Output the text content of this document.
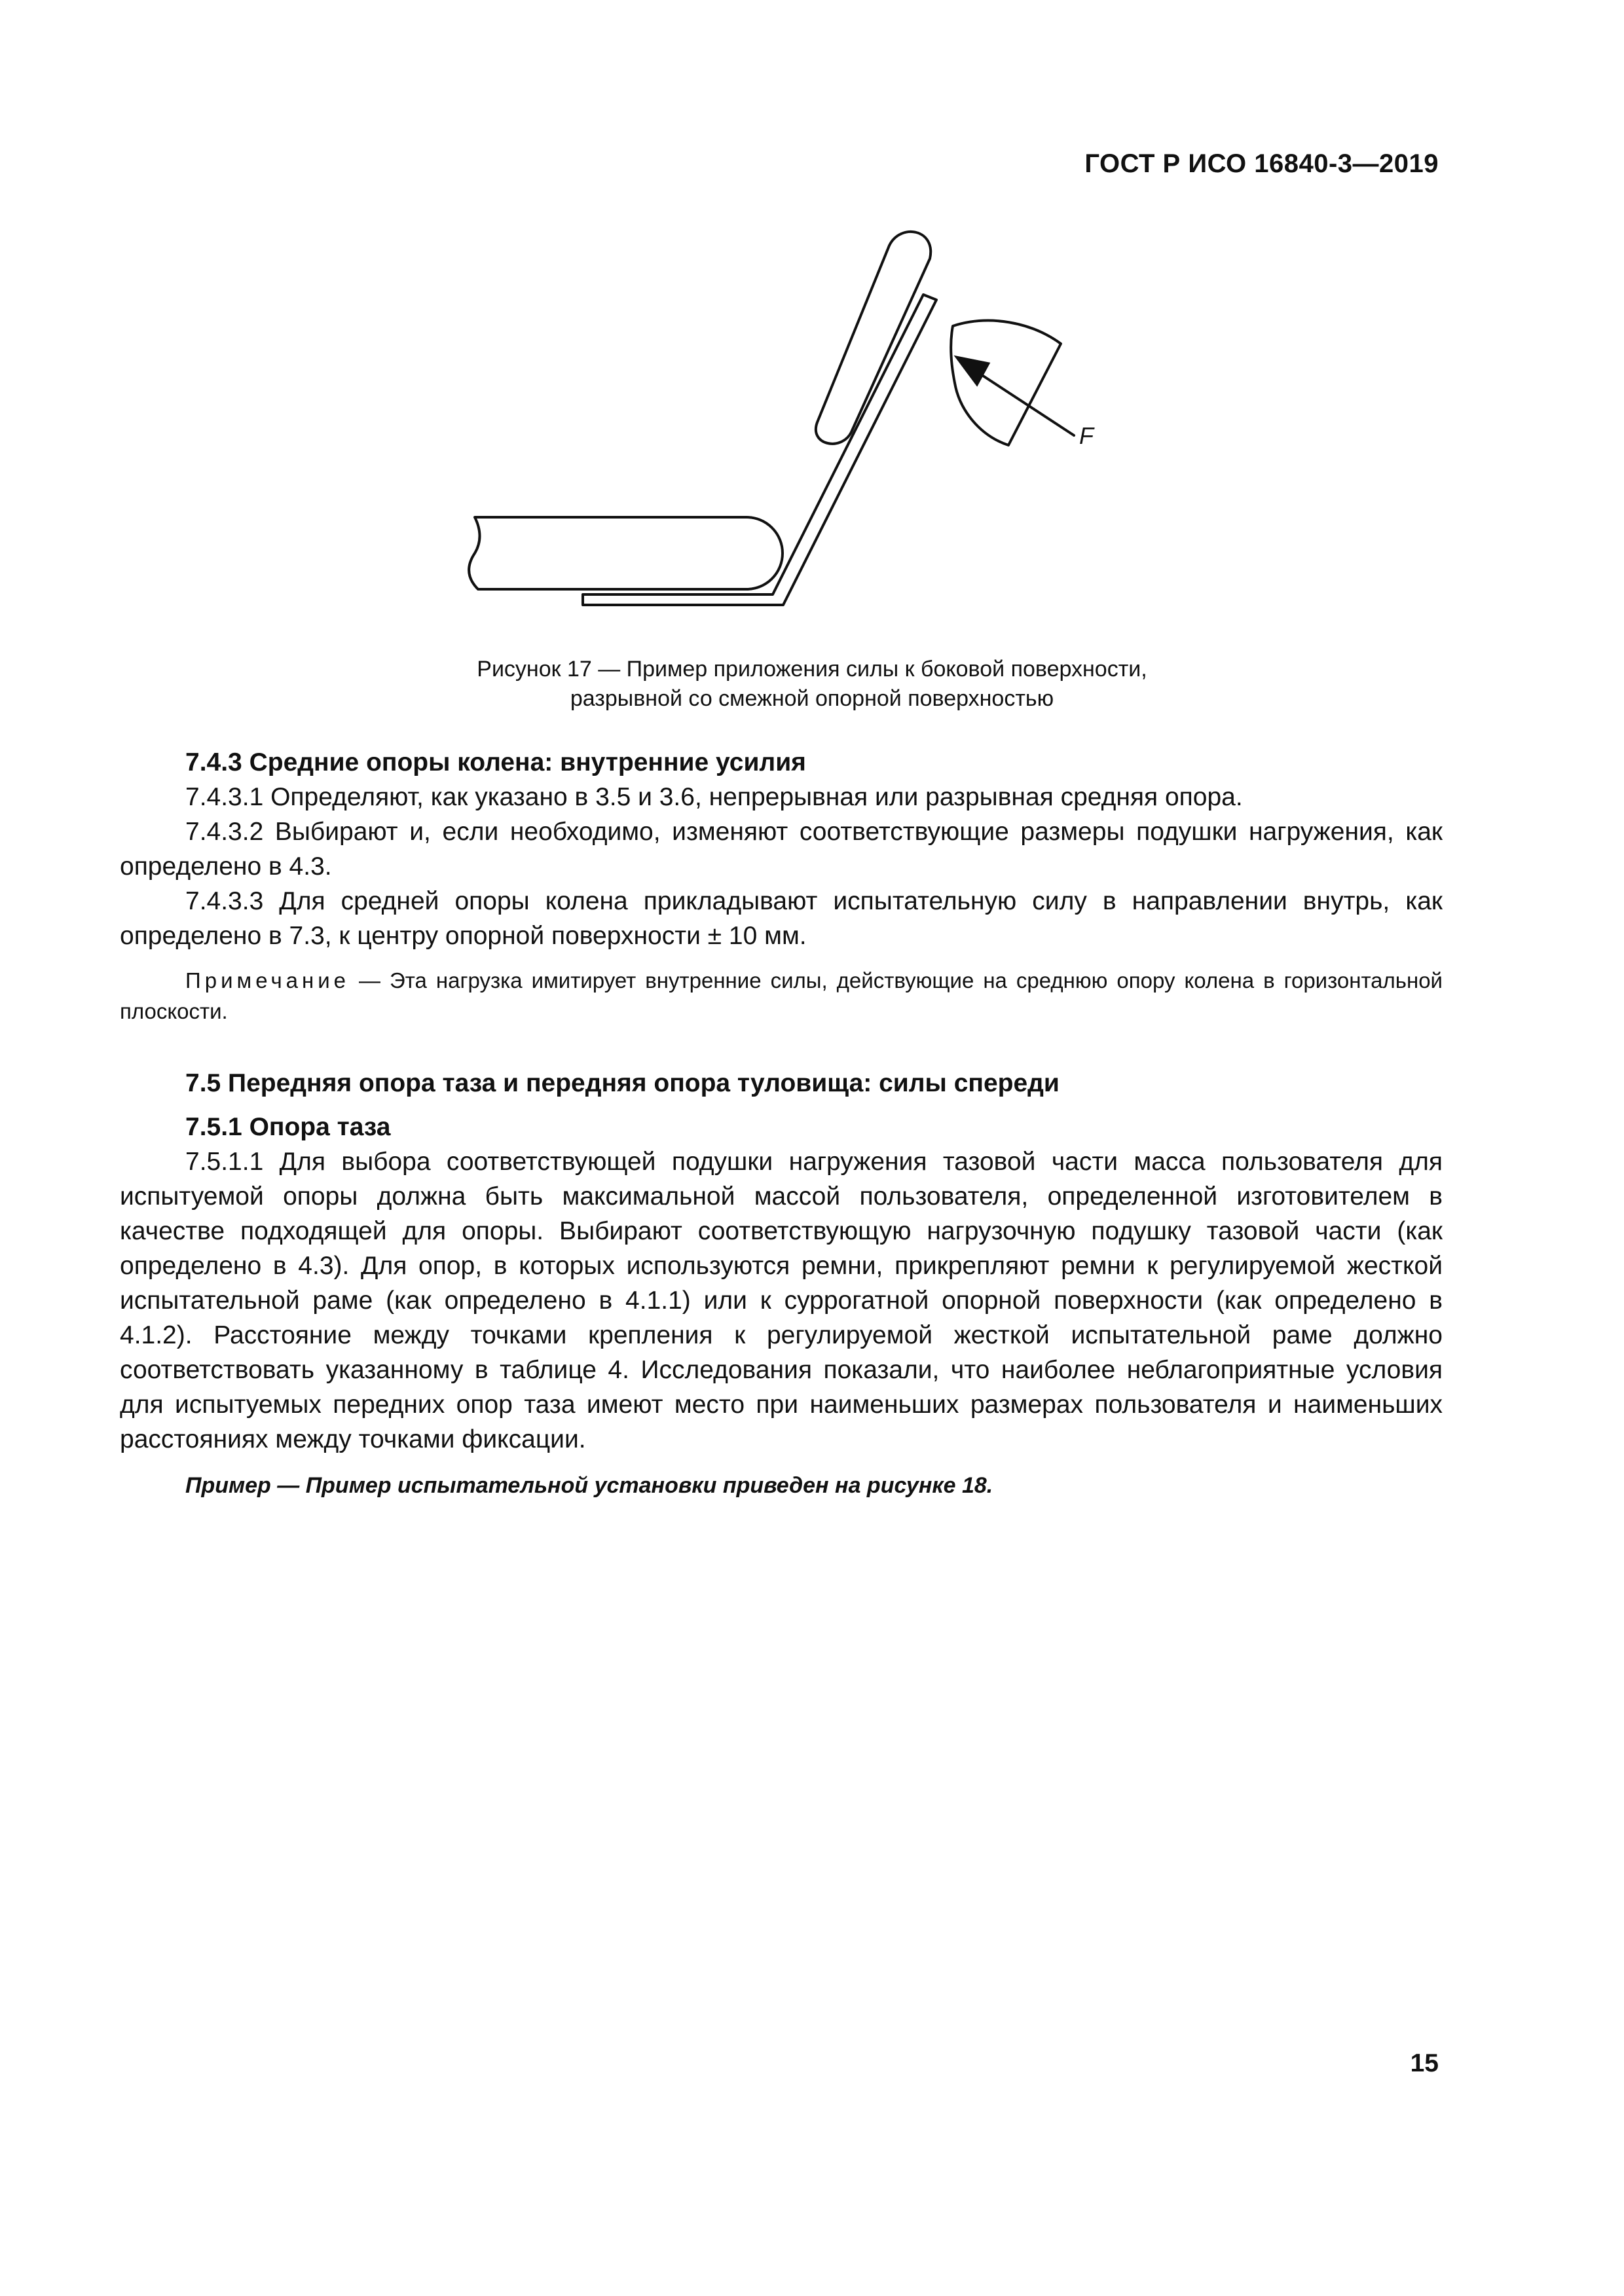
ГОСТ Р ИСО 16840-3—2019
F
Рисунок 17 — Пример приложения силы к боковой поверхности,
разрывной со смежной опорной поверхностью

7.4.3 Средние опоры колена: внутренние усилия

7.4.3.1 Определяют, как указано в 3.5 и 3.6, непрерывная или разрывная средняя опора.

7.4.3.2 Выбирают и, если необходимо, изменяют соответствующие размеры подушки нагружения, как определено в 4.3.

7.4.3.3 Для средней опоры колена прикладывают испытательную силу в направлении внутрь, как определено в 7.3, к центру опорной поверхности ± 10 мм.

Примечание — Эта нагрузка имитирует внутренние силы, действующие на среднюю опору колена в горизонтальной плоскости.

7.5 Передняя опора таза и передняя опора туловища: силы спереди

7.5.1 Опора таза

7.5.1.1 Для выбора соответствующей подушки нагружения тазовой части масса пользователя для испытуемой опоры должна быть максимальной массой пользователя, определенной изготовителем в качестве подходящей для опоры. Выбирают соответствующую нагрузочную подушку тазовой части (как определено в 4.3). Для опор, в которых используются ремни, прикрепляют ремни к регулируемой жесткой испытательной раме (как определено в 4.1.1) или к суррогатной опорной поверхности (как определено в 4.1.2). Расстояние между точками крепления к регулируемой жесткой испытательной раме должно соответствовать указанному в таблице 4. Исследования показали, что наиболее неблагоприятные условия для испытуемых передних опор таза имеют место при наименьших размерах пользователя и наименьших расстояниях между точками фиксации.

Пример — Пример испытательной установки приведен на рисунке 18.

15
